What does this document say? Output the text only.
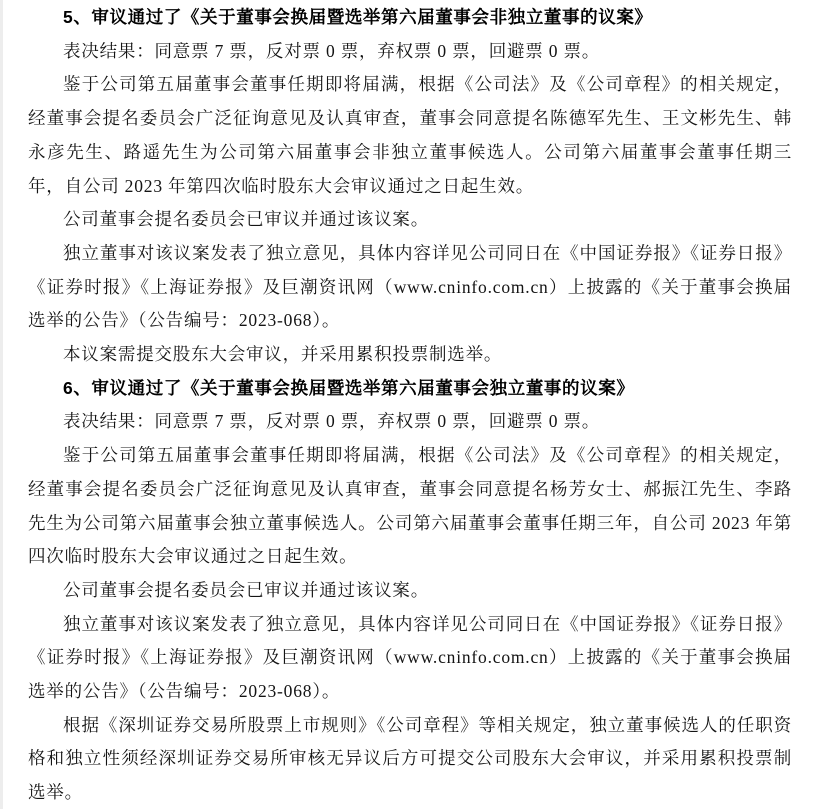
5、审议通过了《关于董事会换届暨选举第六届董事会非独立董事的议案》

表决结果：同意票 7 票，反对票 0 票，弃权票 0 票，回避票 0 票。

鉴于公司第五届董事会董事任期即将届满，根据《公司法》及《公司章程》的相关规定，经董事会提名委员会广泛征询意见及认真审查，董事会同意提名陈德军先生、王文彬先生、韩永彦先生、路遥先生为公司第六届董事会非独立董事候选人。公司第六届董事会董事任期三年，自公司 2023 年第四次临时股东大会审议通过之日起生效。

公司董事会提名委员会已审议并通过该议案。

独立董事对该议案发表了独立意见，具体内容详见公司同日在《中国证券报》《证券日报》《证券时报》《上海证券报》及巨潮资讯网（www.cninfo.com.cn）上披露的《关于董事会换届选举的公告》（公告编号：2023-068）。

本议案需提交股东大会审议，并采用累积投票制选举。

6、审议通过了《关于董事会换届暨选举第六届董事会独立董事的议案》

表决结果：同意票 7 票，反对票 0 票，弃权票 0 票，回避票 0 票。

鉴于公司第五届董事会董事任期即将届满，根据《公司法》及《公司章程》的相关规定，经董事会提名委员会广泛征询意见及认真审查，董事会同意提名杨芳女士、郝振江先生、李路先生为公司第六届董事会独立董事候选人。公司第六届董事会董事任期三年，自公司 2023 年第四次临时股东大会审议通过之日起生效。

公司董事会提名委员会已审议并通过该议案。

独立董事对该议案发表了独立意见，具体内容详见公司同日在《中国证券报》《证券日报》《证券时报》《上海证券报》及巨潮资讯网（www.cninfo.com.cn）上披露的《关于董事会换届选举的公告》（公告编号：2023-068）。

根据《深圳证券交易所股票上市规则》《公司章程》等相关规定，独立董事候选人的任职资格和独立性须经深圳证券交易所审核无异议后方可提交公司股东大会审议，并采用累积投票制选举。
